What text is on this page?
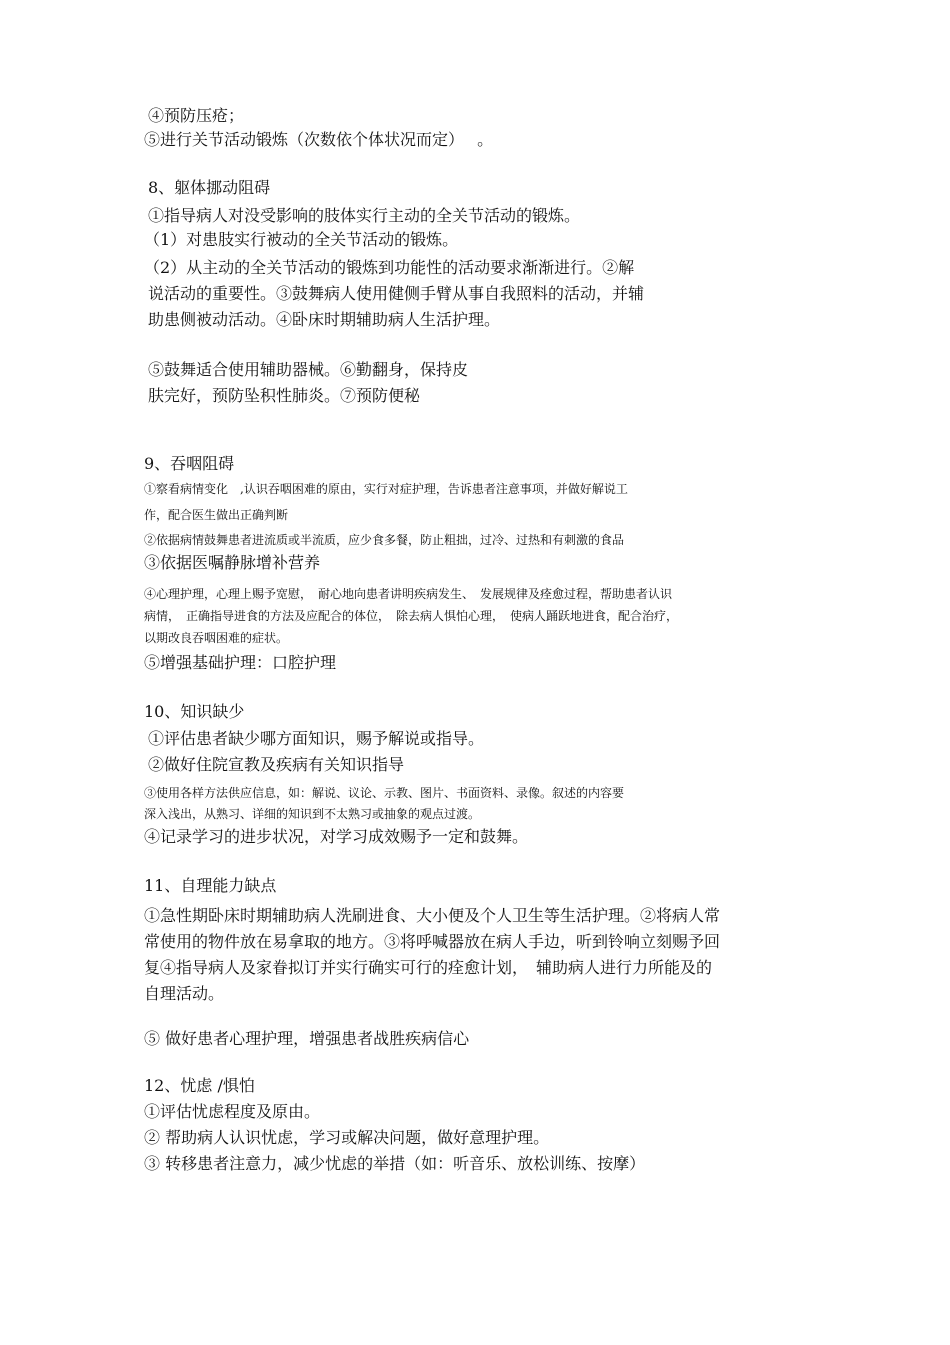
④预防压疮；
⑤进行关节活动锻炼（次数依个体状况而定）　 。
8、躯体挪动阻碍
①指导病人对没受影响的肢体实行主动的全关节活动的锻炼。
（1）对患肢实行被动的全关节活动的锻炼。
（2）从主动的全关节活动的锻炼到功能性的活动要求渐渐进行。②解
说活动的重要性。③鼓舞病人使用健侧手臂从事自我照料的活动，并辅
助患侧被动活动。④卧床时期辅助病人生活护理。
⑤鼓舞适合使用辅助器械。⑥勤翻身，保持皮
肤完好，预防坠积性肺炎。⑦预防便秘
9、吞咽阻碍
①察看病情变化　,认识吞咽困难的原由，实行对症护理，告诉患者注意事项，并做好解说工
作，配合医生做出正确判断
②依据病情鼓舞患者进流质或半流质，应少食多餐，防止粗拙，过冷、过热和有刺激的食品
③依据医嘱静脉增补营养
④心理护理，心理上赐予宽慰，　耐心地向患者讲明疾病发生、　发展规律及痊愈过程，帮助患者认识
病情，　正确指导进食的方法及应配合的体位，　除去病人惧怕心理，　使病人踊跃地进食，配合治疗，
以期改良吞咽困难的症状。
⑤增强基础护理：口腔护理
10、知识缺少
①评估患者缺少哪方面知识，赐予解说或指导。
②做好住院宣教及疾病有关知识指导
③使用各样方法供应信息，如：解说、议论、示教、图片、书面资料、录像。叙述的内容要
深入浅出，从熟习、详细的知识到不太熟习或抽象的观点过渡。
④记录学习的进步状况，对学习成效赐予一定和鼓舞。
11、自理能力缺点
①急性期卧床时期辅助病人洗刷进食、大小便及个人卫生等生活护理。②将病人常
常使用的物件放在易拿取的地方。③将呼喊器放在病人手边，听到铃响立刻赐予回
复④指导病人及家眷拟订并实行确实可行的痊愈计划，　辅助病人进行力所能及的
自理活动。
⑤ 做好患者心理护理，增强患者战胜疾病信心
12、忧虑 /惧怕
①评估忧虑程度及原由。
② 帮助病人认识忧虑，学习或解决问题，做好意理护理。
③ 转移患者注意力，减少忧虑的举措（如：听音乐、放松训练、按摩）
